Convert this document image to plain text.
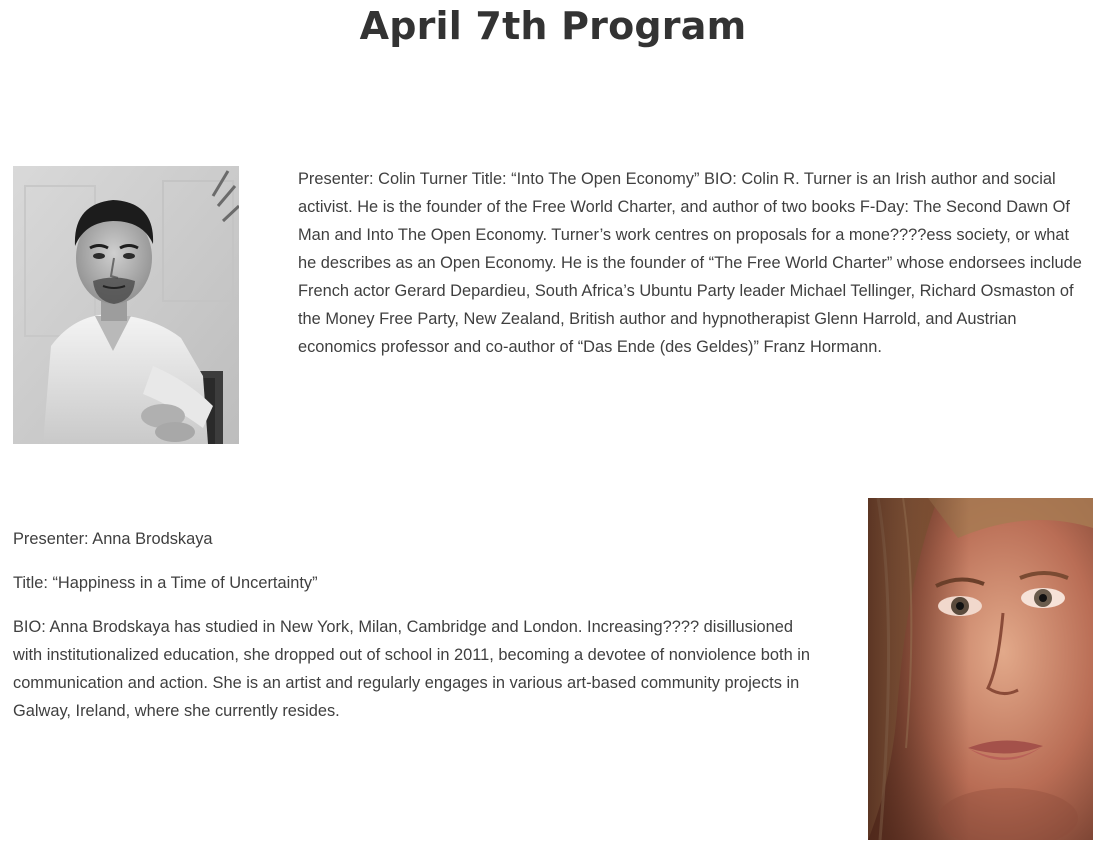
April 7th Program

Presenter: Colin Turner Title: “Into The Open Economy” BIO: Colin R. Turner is an Irish author and social activist. He is the founder of the Free World Charter, and author of two books F-Day: The Second Dawn Of Man and Into The Open Economy. Turner’s work centres on proposals for a mone????ess society, or what he describes as an Open Economy. He is the founder of “The Free World Charter” whose endorsees include French actor Gerard Depardieu, South Africa’s Ubuntu Party leader Michael Tellinger, Richard Osmaston of the Money Free Party, New Zealand, British author and hypnotherapist Glenn Harrold, and Austrian economics professor and co-author of “Das Ende (des Geldes)” Franz Hormann.

Presenter: Anna Brodskaya

Title: “Happiness in a Time of Uncertainty”

BIO: Anna Brodskaya has studied in New York, Milan, Cambridge and London. Increasing???? disillusioned with institutionalized education, she dropped out of school in 2011, becoming a devotee of nonviolence both in communication and action. She is an artist and regularly engages in various art-based community projects in Galway, Ireland, where she currently resides.
